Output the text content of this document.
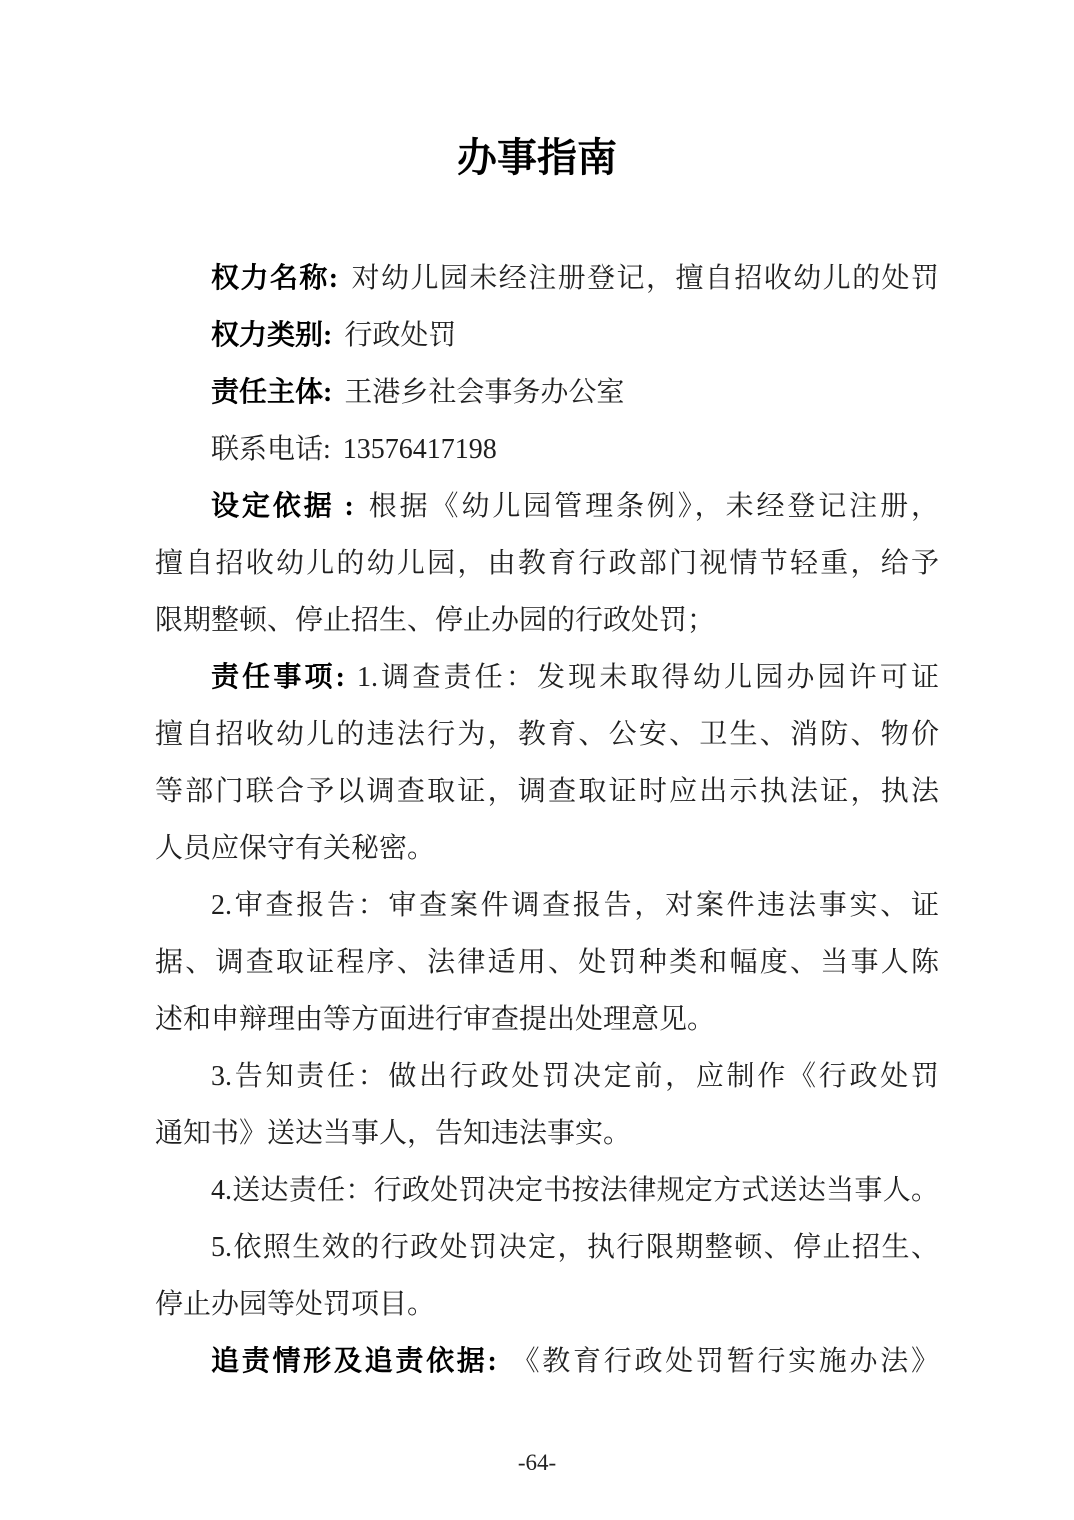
办事指南
权力名称: 对幼儿园未经注册登记，擅自招收幼儿的处罚
权力类别: 行政处罚
责任主体: 王港乡社会事务办公室
联系电话: 13576417198
设定依据 : 根据《幼儿园管理条例》，未经登记注册，
擅自招收幼儿的幼儿园，由教育行政部门视情节轻重，给予
限期整顿、停止招生、停止办园的行政处罚；
责任事项: 1.调查责任：发现未取得幼儿园办园许可证
擅自招收幼儿的违法行为，教育、公安、卫生、消防、物价
等部门联合予以调查取证，调查取证时应出示执法证，执法
人员应保守有关秘密。
2.审查报告：审查案件调查报告，对案件违法事实、证
据、调查取证程序、法律适用、处罚种类和幅度、当事人陈
述和申辩理由等方面进行审查提出处理意见。
3.告知责任：做出行政处罚决定前，应制作《行政处罚
通知书》送达当事人，告知违法事实。
4.送达责任：行政处罚决定书按法律规定方式送达当事人。
5.依照生效的行政处罚决定，执行限期整顿、停止招生、
停止办园等处罚项目。
追责情形及追责依据: 《教育行政处罚暂行实施办法》
-64-
